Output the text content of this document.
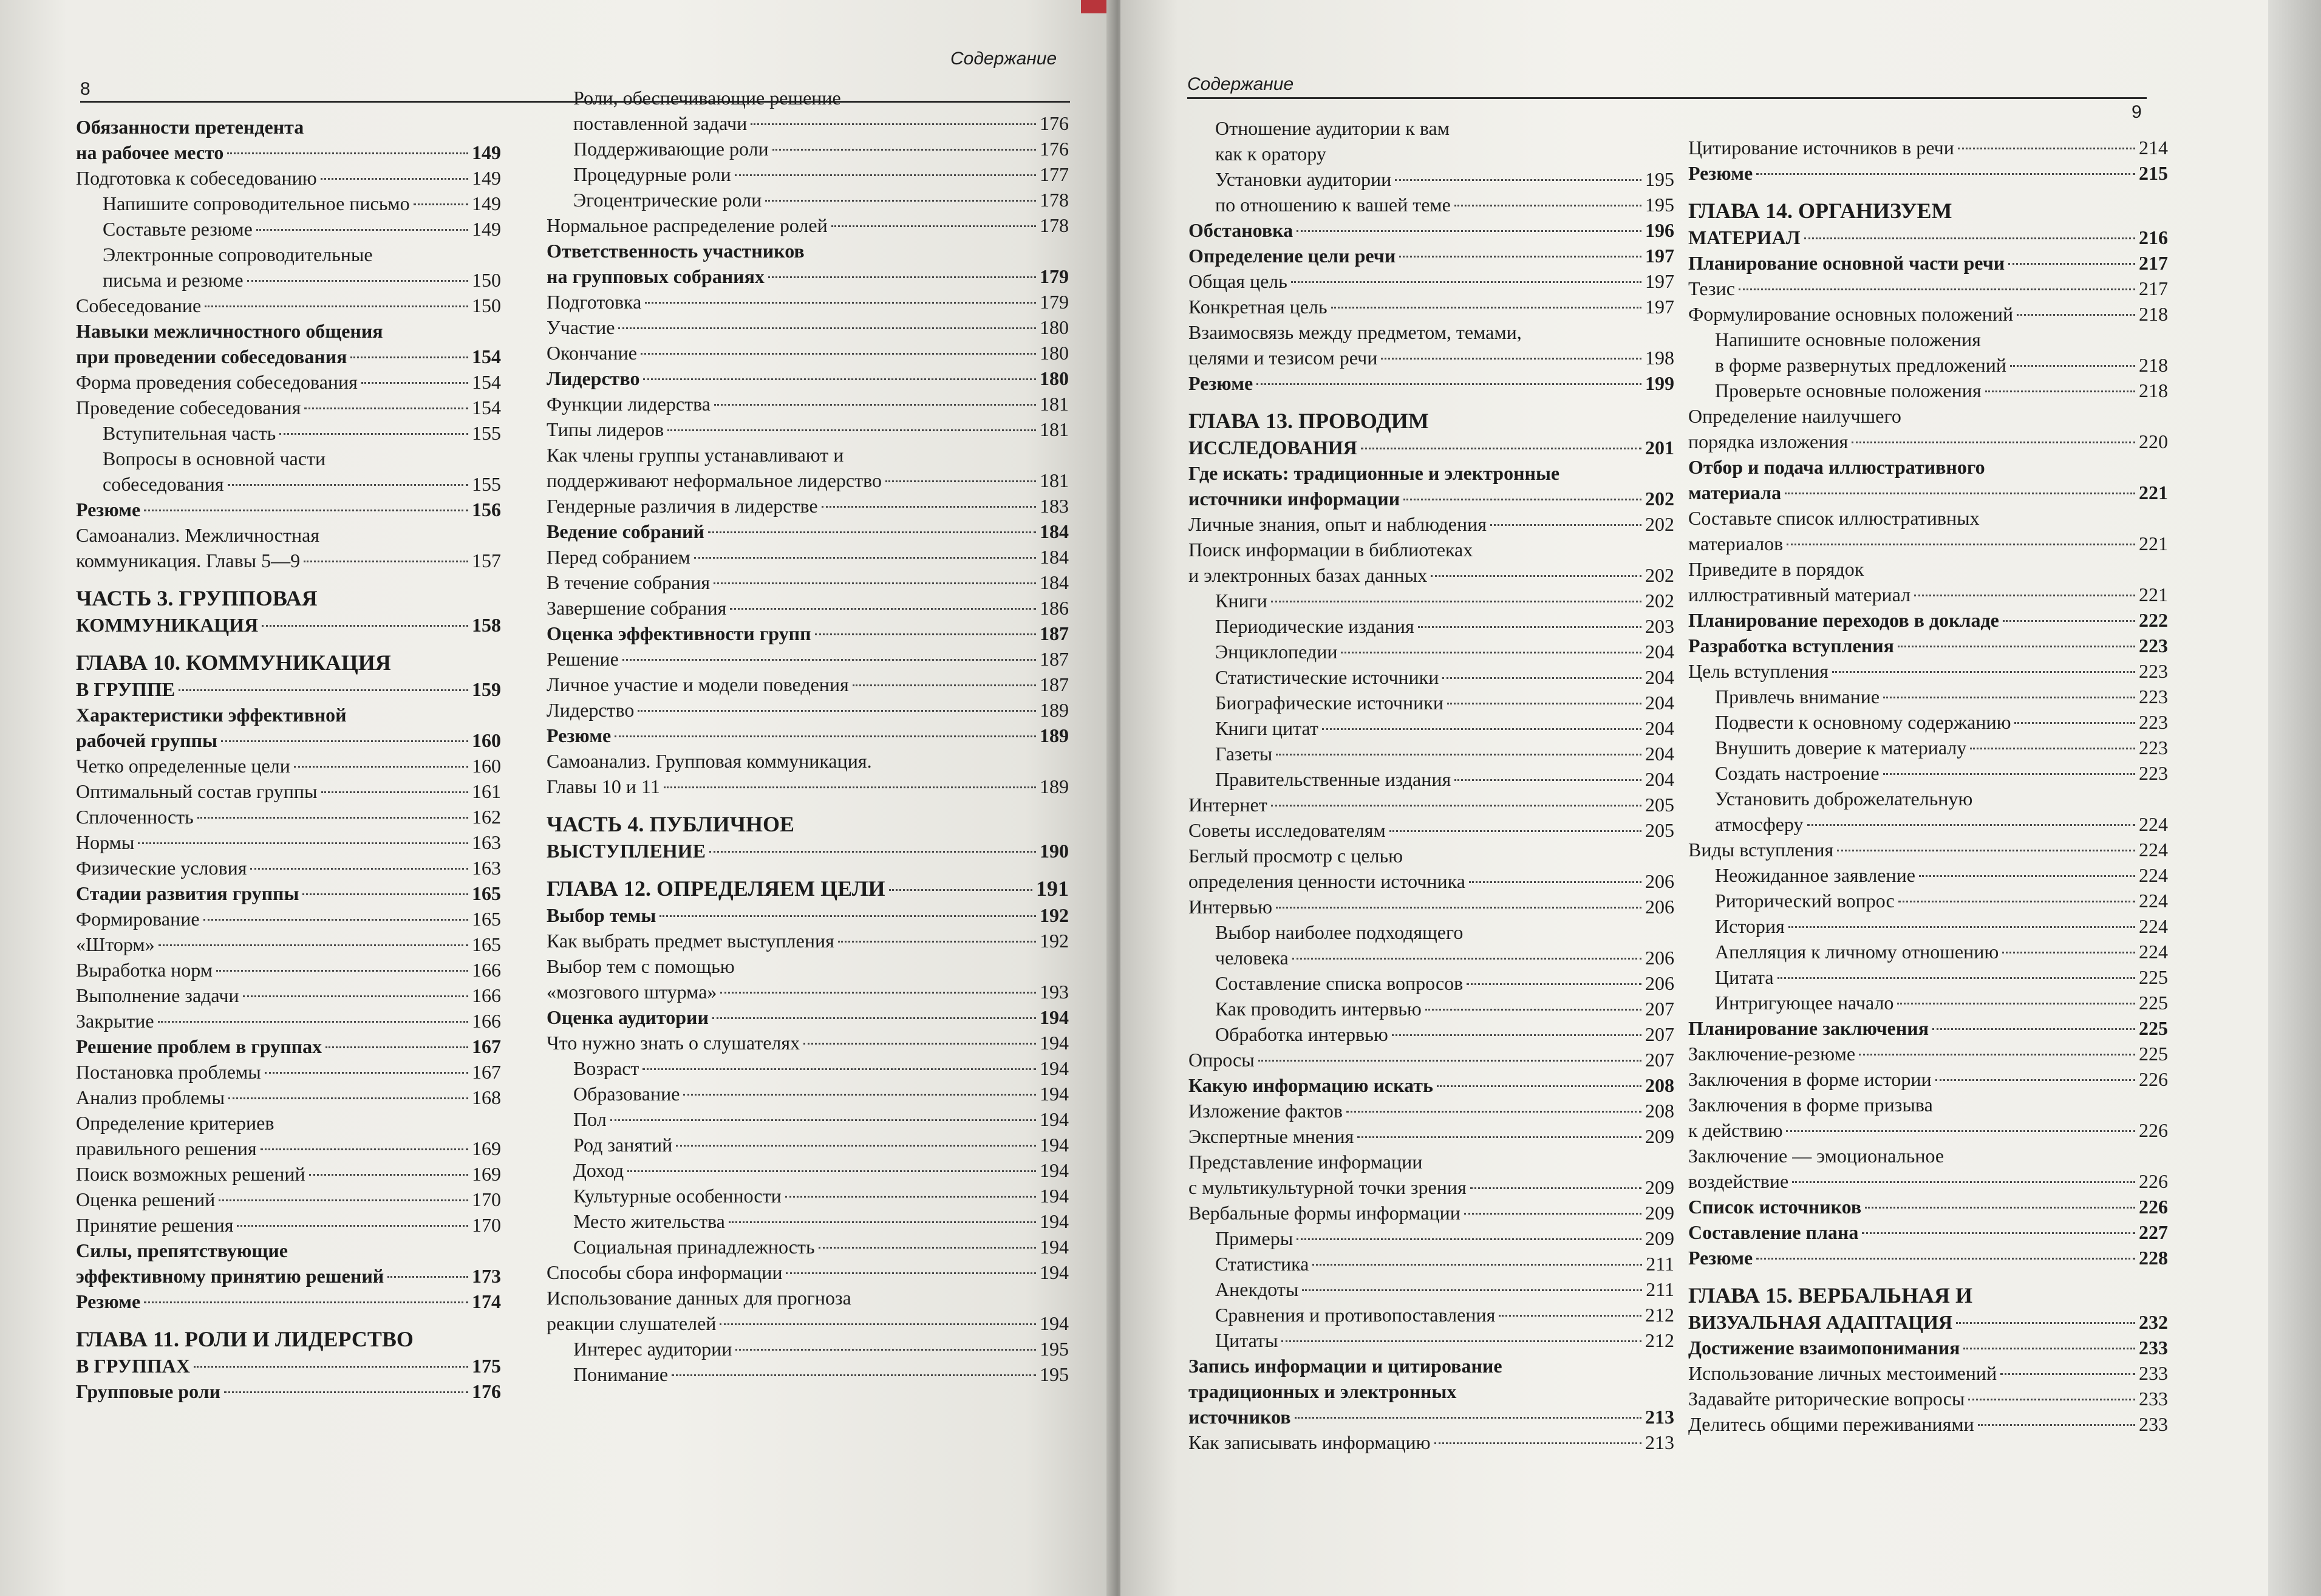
Содержание
8
Обязанности претендента
на рабочее место	149
Подготовка к собеседованию	149
Напишите сопроводительное письмо	149
Составьте резюме	149
Электронные сопроводительные
письма и резюме	150
Собеседование	150
Навыки межличностного общения
при проведении собеседования	154
Форма проведения собеседования	154
Проведение собеседования	154
Вступительная часть	155
Вопросы в основной части
собеседования	155
Резюме	156
Самоанализ. Межличностная
коммуникация. Главы 5—9	157
ЧАСТЬ 3. ГРУППОВАЯ
КОММУНИКАЦИЯ	158
ГЛАВА 10. КОММУНИКАЦИЯ
В ГРУППЕ	159
Характеристики эффективной
рабочей группы	160
Четко определенные цели	160
Оптимальный состав группы	161
Сплоченность	162
Нормы	163
Физические условия	163
Стадии развития группы	165
Формирование	165
«Шторм»	165
Выработка норм	166
Выполнение задачи	166
Закрытие	166
Решение проблем в группах	167
Постановка проблемы	167
Анализ проблемы	168
Определение критериев
правильного решения	169
Поиск возможных решений	169
Оценка решений	170
Принятие решения	170
Силы, препятствующие
эффективному принятию решений	173
Резюме	174
ГЛАВА 11. РОЛИ И ЛИДЕРСТВО
В ГРУППАХ	175
Групповые роли	176
Роли, обеспечивающие решение
поставленной задачи	176
Поддерживающие роли	176
Процедурные роли	177
Эгоцентрические роли	178
Нормальное распределение ролей	178
Ответственность участников
на групповых собраниях	179
Подготовка	179
Участие	180
Окончание	180
Лидерство	180
Функции лидерства	181
Типы лидеров	181
Как члены группы устанавливают и
поддерживают неформальное лидерство	181
Гендерные различия в лидерстве	183
Ведение собраний	184
Перед собранием	184
В течение собрания	184
Завершение собрания	186
Оценка эффективности групп	187
Решение	187
Личное участие и модели поведения	187
Лидерство	189
Резюме	189
Самоанализ. Групповая коммуникация.
Главы 10 и 11	189
ЧАСТЬ 4. ПУБЛИЧНОЕ
ВЫСТУПЛЕНИЕ	190
ГЛАВА 12. ОПРЕДЕЛЯЕМ ЦЕЛИ	191
Выбор темы	192
Как выбрать предмет выступления	192
Выбор тем с помощью
«мозгового штурма»	193
Оценка аудитории	194
Что нужно знать о слушателях	194
Возраст	194
Образование	194
Пол	194
Род занятий	194
Доход	194
Культурные особенности	194
Место жительства	194
Социальная принадлежность	194
Способы сбора информации	194
Использование данных для прогноза
реакции слушателей	194
Интерес аудитории	195
Понимание	195
Содержание
9
Отношение аудитории к вам
как к оратору
Установки аудитории	195
по отношению к вашей теме	195
Обстановка	196
Определение цели речи	197
Общая цель	197
Конкретная цель	197
Взаимосвязь между предметом, темами,
целями и тезисом речи	198
Резюме	199
ГЛАВА 13. ПРОВОДИМ
ИССЛЕДОВАНИЯ	201
Где искать: традиционные и электронные
источники информации	202
Личные знания, опыт и наблюдения	202
Поиск информации в библиотеках
и электронных базах данных	202
Книги	202
Периодические издания	203
Энциклопедии	204
Статистические источники	204
Биографические источники	204
Книги цитат	204
Газеты	204
Правительственные издания	204
Интернет	205
Советы исследователям	205
Беглый просмотр с целью
определения ценности источника	206
Интервью	206
Выбор наиболее подходящего
человека	206
Составление списка вопросов	206
Как проводить интервью	207
Обработка интервью	207
Опросы	207
Какую информацию искать	208
Изложение фактов	208
Экспертные мнения	209
Представление информации
с мультикультурной точки зрения	209
Вербальные формы информации	209
Примеры	209
Статистика	211
Анекдоты	211
Сравнения и противопоставления	212
Цитаты	212
Запись информации и цитирование
традиционных и электронных
источников	213
Как записывать информацию	213
Цитирование источников в речи	214
Резюме	215
ГЛАВА 14. ОРГАНИЗУЕМ
МАТЕРИАЛ	216
Планирование основной части речи	217
Тезис	217
Формулирование основных положений	218
Напишите основные положения
в форме развернутых предложений	218
Проверьте основные положения	218
Определение наилучшего
порядка изложения	220
Отбор и подача иллюстративного
материала	221
Составьте список иллюстративных
материалов	221
Приведите в порядок
иллюстративный материал	221
Планирование переходов в докладе	222
Разработка вступления	223
Цель вступления	223
Привлечь внимание	223
Подвести к основному содержанию	223
Внушить доверие к материалу	223
Создать настроение	223
Установить доброжелательную
атмосферу	224
Виды вступления	224
Неожиданное заявление	224
Риторический вопрос	224
История	224
Апелляция к личному отношению	224
Цитата	225
Интригующее начало	225
Планирование заключения	225
Заключение-резюме	225
Заключения в форме истории	226
Заключения в форме призыва
к действию	226
Заключение — эмоциональное
воздействие	226
Список источников	226
Составление плана	227
Резюме	228
ГЛАВА 15. ВЕРБАЛЬНАЯ И
ВИЗУАЛЬНАЯ АДАПТАЦИЯ	232
Достижение взаимопонимания	233
Использование личных местоимений	233
Задавайте риторические вопросы	233
Делитесь общими переживаниями	233
